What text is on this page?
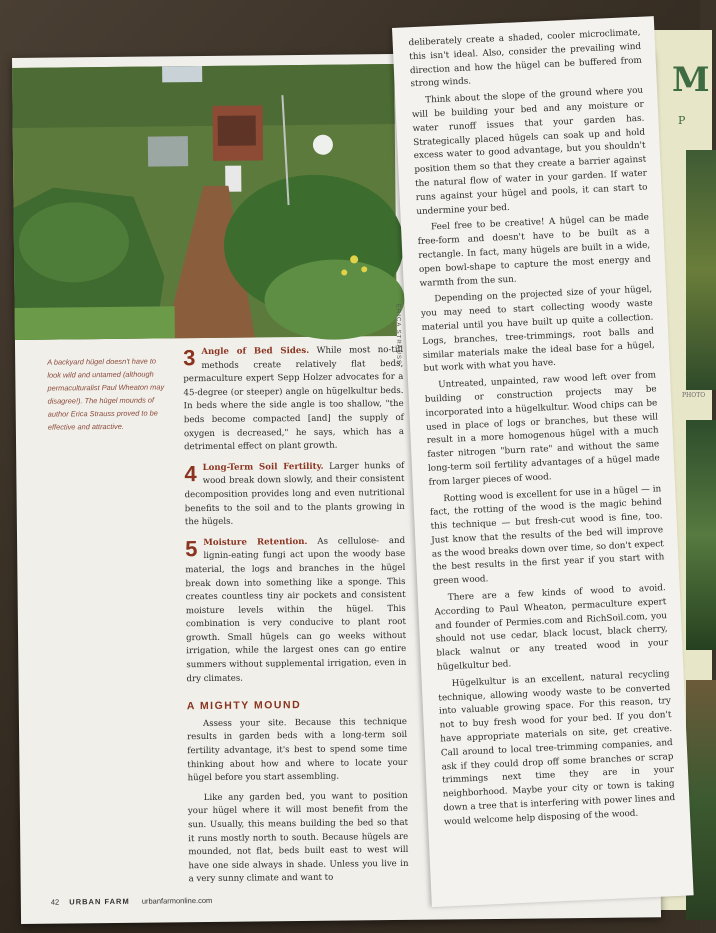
M
P
PHOTO
ERICA STRAUSS
A backyard hügel doesn't have to look wild and untamed (although permaculturalist Paul Wheaton may disagree!). The hügel mounds of author Erica Strauss proved to be effective and attractive.
3 Angle of Bed Sides. While most no-till methods create relatively flat beds, permaculture expert Sepp Holzer advocates for a 45-degree (or steeper) angle on hügelkultur beds. In beds where the side angle is too shallow, "the beds become compacted [and] the supply of oxygen is decreased," he says, which has a detrimental effect on plant growth.
4 Long-Term Soil Fertility. Larger hunks of wood break down slowly, and their consistent decomposition provides long and even nutritional benefits to the soil and to the plants growing in the hügels.
5 Moisture Retention. As cellulose- and lignin-eating fungi act upon the woody base material, the logs and branches in the hügel break down into something like a sponge. This creates countless tiny air pockets and consistent moisture levels within the hügel. This combination is very conducive to plant root growth. Small hügels can go weeks without irrigation, while the largest ones can go entire summers without supplemental irrigation, even in dry climates.
A MIGHTY MOUND

Assess your site. Because this technique results in garden beds with a long-term soil fertility advantage, it's best to spend some time thinking about how and where to locate your hügel before you start assembling.

Like any garden bed, you want to position your hügel where it will most benefit from the sun. Usually, this means building the bed so that it runs mostly north to south. Because hügels are mounded, not flat, beds built east to west will have one side always in shade. Unless you live in a very sunny climate and want to

42 URBAN FARM urbanfarmonline.com

deliberately create a shaded, cooler microclimate, this isn't ideal. Also, consider the prevailing wind direction and how the hügel can be buffered from strong winds.

Think about the slope of the ground where you will be building your bed and any moisture or water runoff issues that your garden has. Strategically placed hügels can soak up and hold excess water to good advantage, but you shouldn't position them so that they create a barrier against the natural flow of water in your garden. If water runs against your hügel and pools, it can start to undermine your bed.

Feel free to be creative! A hügel can be made free-form and doesn't have to be built as a rectangle. In fact, many hügels are built in a wide, open bowl-shape to capture the most energy and warmth from the sun.

Depending on the projected size of your hügel, you may need to start collecting woody waste material until you have built up quite a collection. Logs, branches, tree-trimmings, root balls and similar materials make the ideal base for a hügel, but work with what you have.

Untreated, unpainted, raw wood left over from building or construction projects may be incorporated into a hügelkultur. Wood chips can be used in place of logs or branches, but these will result in a more homogenous hügel with a much faster nitrogen "burn rate" and without the same long-term soil fertility advantages of a hügel made from larger pieces of wood.

Rotting wood is excellent for use in a hügel — in fact, the rotting of the wood is the magic behind this technique — but fresh-cut wood is fine, too. Just know that the results of the bed will improve as the wood breaks down over time, so don't expect the best results in the first year if you start with green wood.

There are a few kinds of wood to avoid. According to Paul Wheaton, permaculture expert and founder of Permies.com and RichSoil.com, you should not use cedar, black locust, black cherry, black walnut or any treated wood in your hügelkultur bed.

Hügelkultur is an excellent, natural recycling technique, allowing woody waste to be converted into valuable growing space. For this reason, try not to buy fresh wood for your bed. If you don't have appropriate materials on site, get creative. Call around to local tree-trimming companies, and ask if they could drop off some branches or scrap trimmings next time they are in your neighborhood. Maybe your city or town is taking down a tree that is interfering with power lines and would welcome help disposing of the wood.
